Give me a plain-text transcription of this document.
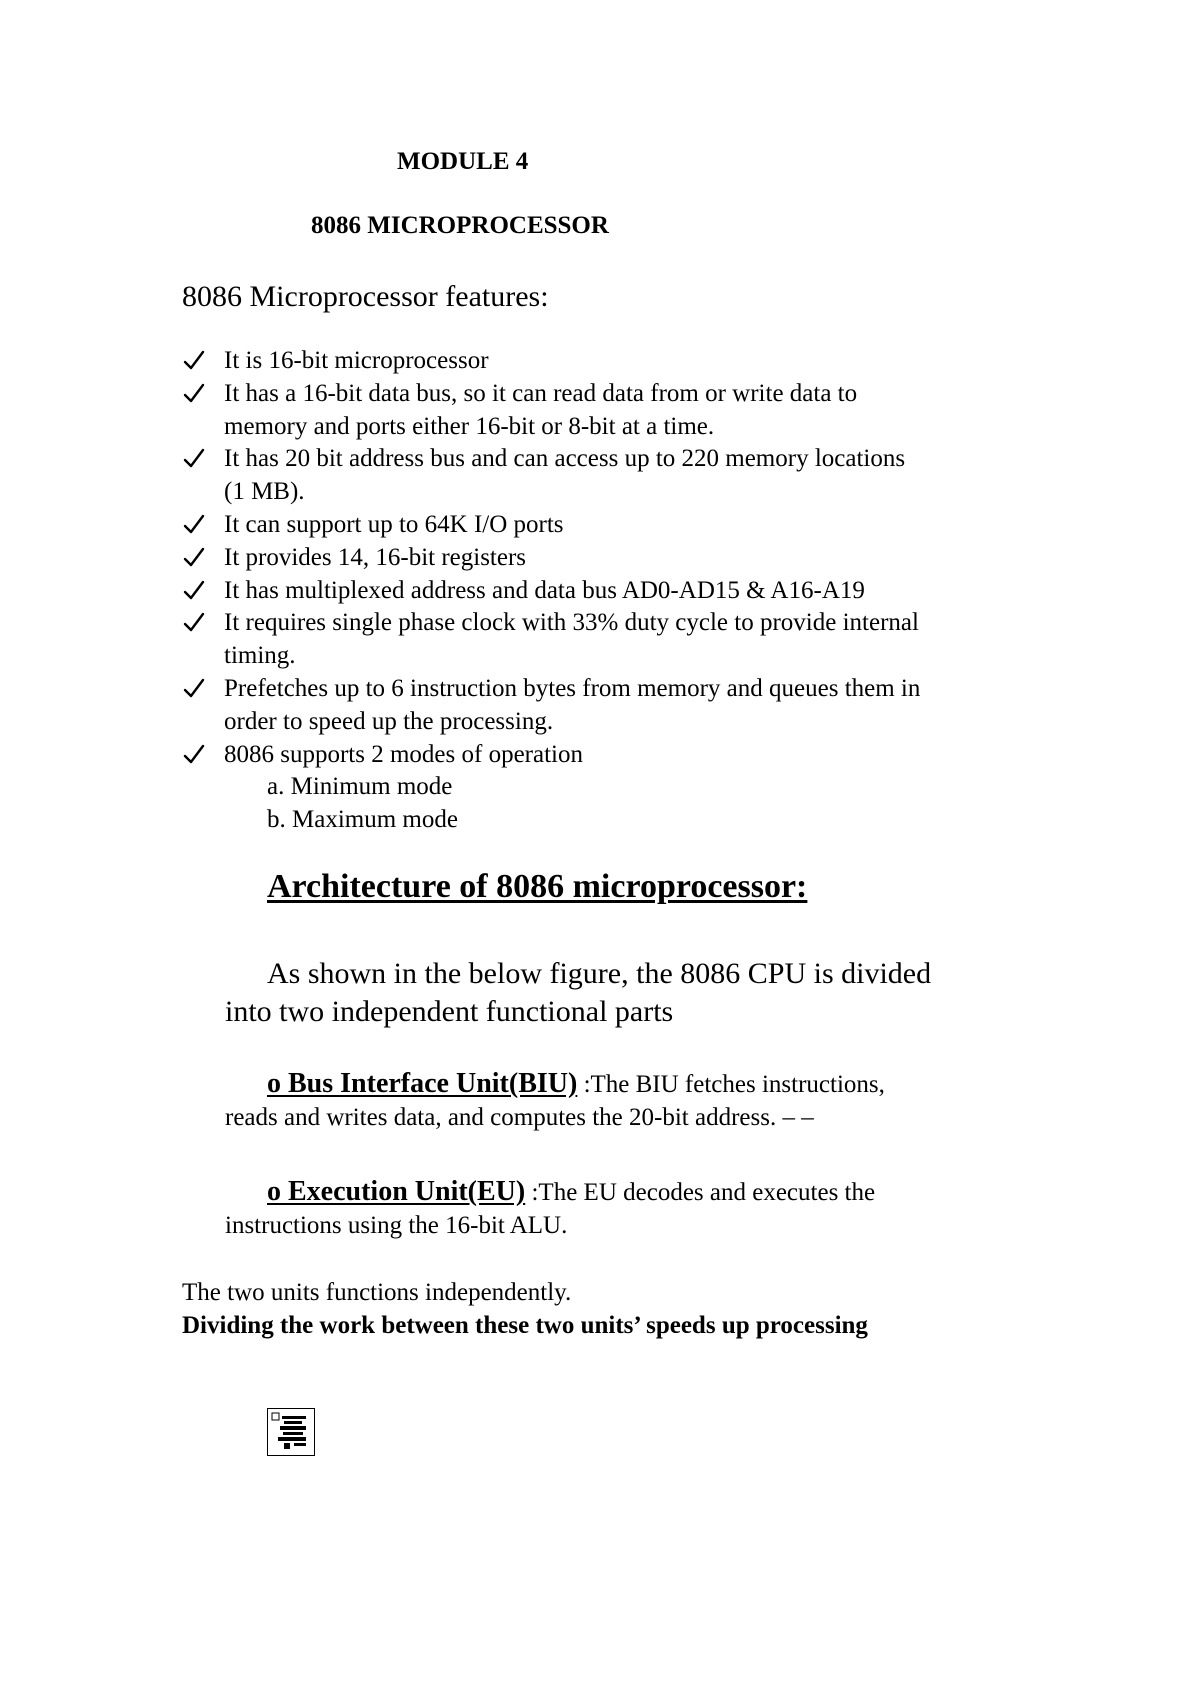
MODULE 4
8086 MICROPROCESSOR
8086 Microprocessor features:
It is 16-bit microprocessor
It has a 16-bit data bus, so it can read data from or write data to
memory and ports either 16-bit or 8-bit at a time.
It has 20 bit address bus and can access up to 220 memory locations
(1 MB).
It can support up to 64K I/O ports
It provides 14, 16-bit registers
It has multiplexed address and data bus AD0-AD15 & A16-A19
It requires single phase clock with 33% duty cycle to provide internal
timing.
Prefetches up to 6 instruction bytes from memory and queues them in
order to speed up the processing.
8086 supports 2 modes of operation
a. Minimum mode
b. Maximum mode
Architecture of 8086 microprocessor:
As shown in the below figure, the 8086 CPU is divided
into two independent functional parts
o Bus Interface Unit(BIU) :The BIU fetches instructions,
reads and writes data, and computes the 20-bit address. – –
o Execution Unit(EU) :The EU decodes and executes the
instructions using the 16-bit ALU.
The two units functions independently.
Dividing the work between these two units’ speeds up processing
